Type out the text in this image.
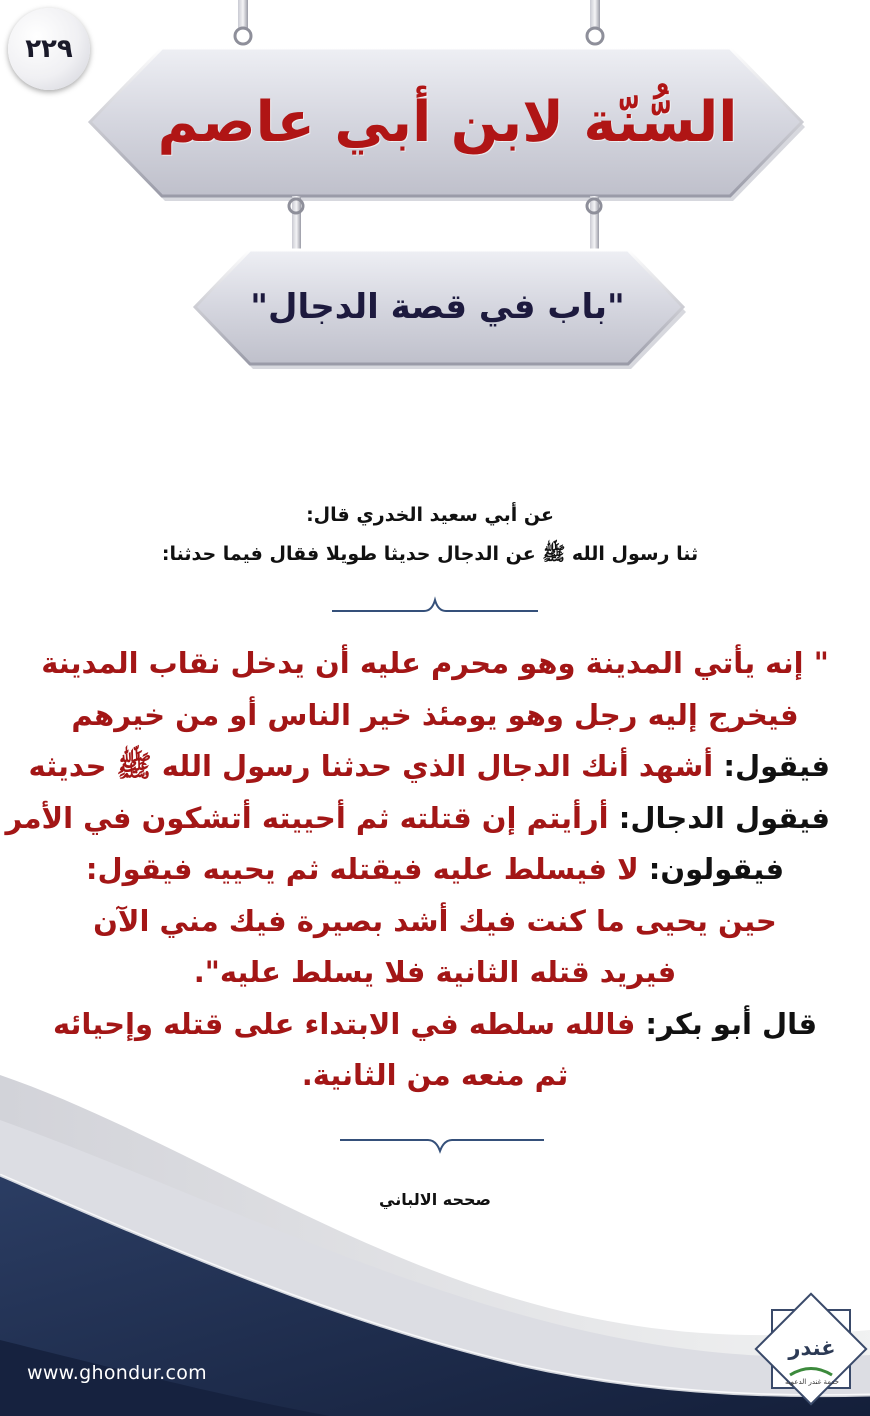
٢٢٩
السُّنّة لابن أبي عاصم
"باب في قصة الدجال"
عن أبي سعيد الخدري قال:
ثنا رسول الله ﷺ عن الدجال حديثا طويلا فقال فيما حدثنا:
" إنه يأتي المدينة وهو محرم عليه أن يدخل نقاب المدينة
فيخرج إليه رجل وهو يومئذ خير الناس أو من خيرهم
فيقول: أشهد أنك الدجال الذي حدثنا رسول الله ﷺ حديثه
فيقول الدجال: أرأيتم إن قتلته ثم أحييته أتشكون في الأمر
فيقولون: لا فيسلط عليه فيقتله ثم يحييه فيقول:
حين يحيى ما كنت فيك أشد بصيرة فيك مني الآن
فيريد قتله الثانية فلا يسلط عليه".
قال أبو بكر: فالله سلطه في الابتداء على قتله وإحيائه
ثم منعه من الثانية.
صححه الالباني
www.ghondur.com
غندر
خدمة غندر الدعوية
